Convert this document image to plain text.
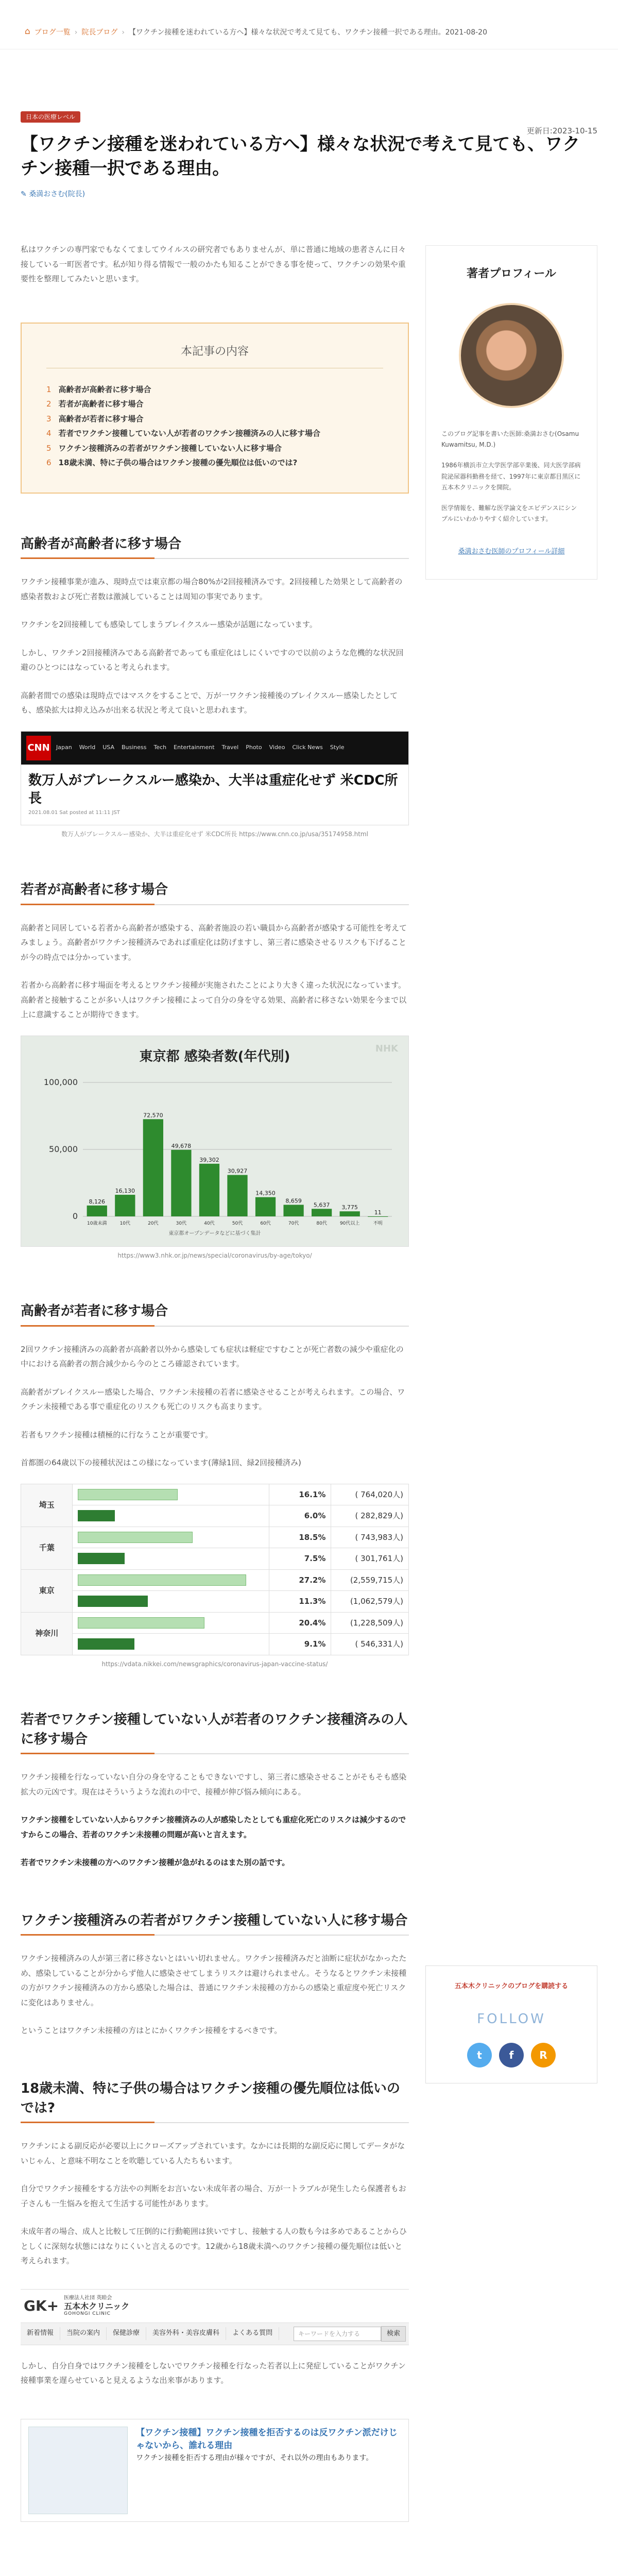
⌂ ブログ一覧 › 院長ブログ › 【ワクチン接種を迷われている方へ】様々な状況で考えて見ても、ワクチン接種一択である理由。2021-08-20
日本の医療レベル
【ワクチン接種を迷われている方へ】様々な状況で考えて見ても、ワクチン接種一択である理由。
✎ 桑満おさむ(院長)
更新日:2023-10-15

私はワクチンの専門家でもなくてましてウイルスの研究者でもありませんが、単に普通に地域の患者さんに日々接している一町医者です。私が知り得る情報で一般のかたも知ることができる事を使って、ワクチンの効果や重要性を整理してみたいと思います。

本記事の内容
1 高齢者が高齢者に移す場合
2 若者が高齢者に移す場合
3 高齢者が若者に移す場合
4 若者でワクチン接種していない人が若者のワクチン接種済みの人に移す場合
5 ワクチン接種済みの若者がワクチン接種していない人に移す場合
6 18歳未満、特に子供の場合はワクチン接種の優先順位は低いのでは?
高齢者が高齢者に移す場合

ワクチン接種事業が進み、現時点では東京都の場合80%が2回接種済みです。2回接種した効果として高齢者の感染者数および死亡者数は激減していることは周知の事実であります。

ワクチンを2回接種しても感染してしまうブレイクスルー感染が話題になっています。

しかし、ワクチン2回接種済みである高齢者であっても重症化はしにくいですので以前のような危機的な状況回避のひとつにはなっていると考えられます。

高齢者間での感染は現時点ではマスクをすることで、万が一ワクチン接種後のブレイクスルー感染したとしても、感染拡大は抑え込みが出来る状況と考えて良いと思われます。

CNN Japan World USA Business Tech Entertainment Travel Photo Video Click News Style
数万人がブレークスルー感染か、大半は重症化せず 米CDC所長
2021.08.01 Sat posted at 11:11 JST
数万人がブレークスルー感染か、大半は重症化せず 米CDC所長 https://www.cnn.co.jp/usa/35174958.html
若者が高齢者に移す場合

高齢者と同居している若者から高齢者が感染する、高齢者施設の若い職員から高齢者が感染する可能性を考えてみましょう。高齢者がワクチン接種済みであれば重症化は防げますし、第三者に感染させるリスクも下げることが今の時点では分かっています。

若者から高齢者に移す場面を考えるとワクチン接種が実施されたことにより大きく違った状況になっています。高齢者と接触することが多い人はワクチン接種によって自分の身を守る効果、高齢者に移さない効果を今まで以上に意識することが期待できます。

東京都 感染者数(年代別)
NHK
0
50,000
100,000
8,126
10歳未満
16,130
10代
72,570
20代
49,678
30代
39,302
40代
30,927
50代
14,350
60代
8,659
70代
5,637
80代
3,775
90代以上
11
不明
東京都オープンデータなどに基づく集計
https://www3.nhk.or.jp/news/special/coronavirus/by-age/tokyo/
高齢者が若者に移す場合

2回ワクチン接種済みの高齢者が高齢者以外から感染しても症状は軽症ですむことが死亡者数の減少や重症化の中における高齢者の割合減少から今のところ確認されています。

高齢者がブレイクスルー感染した場合、ワクチン未接種の若者に感染させることが考えられます。この場合、ワクチン未接種である事で重症化のリスクも死亡のリスクも高まります。

若者もワクチン接種は積極的に行なうことが重要です。

首都圏の64歳以下の接種状況はこの様になっています(薄緑1回、緑2回接種済み)

埼玉		16.1%	( 764,020人)

		6.0%	( 282,829人)
千葉		18.5%	( 743,983人)

		7.5%	( 301,761人)
東京		27.2%	(2,559,715人)

		11.3%	(1,062,579人)
神奈川		20.4%	(1,228,509人)

		9.1%	( 546,331人)
https://vdata.nikkei.com/newsgraphics/coronavirus-japan-vaccine-status/
若者でワクチン接種していない人が若者のワクチン接種済みの人に移す場合

ワクチン接種を行なっていない自分の身を守ることもできないですし、第三者に感染させることがそもそも感染拡大の元凶です。現在はそういうような流れの中で、接種が伸び悩み傾向にある。

ワクチン接種をしていない人からワクチン接種済みの人が感染したとしても重症化死亡のリスクは減少するのですからこの場合、若者のワクチン未接種の問題が高いと言えます。

若者でワクチン未接種の方へのワクチン接種が急がれるのはまた別の話です。

ワクチン接種済みの若者がワクチン接種していない人に移す場合

ワクチン接種済みの人が第三者に移さないとはいい切れません。ワクチン接種済みだと油断に症状がなかったため、感染していることが分からず他人に感染させてしまうリスクは避けられません。そうなるとワクチン未接種の方がワクチン接種済みの方から感染した場合は、普通にワクチン未接種の方からの感染と重症度や死亡リスクに変化はありません。

ということはワクチン未接種の方はとにかくワクチン接種をするべきです。

18歳未満、特に子供の場合はワクチン接種の優先順位は低いのでは?

ワクチンによる副反応が必要以上にクローズアップされています。なかには長期的な副反応に関してデータがないじゃん、と意味不明なことを吹聴している人たちもいます。

自分でワクチン接種をする方法やの判断をお言いない未成年者の場合、万が一トラブルが発生したら保護者もお子さんも一生悩みを抱えて生活する可能性があります。

未成年者の場合、成人と比較して圧倒的に行動範囲は狭いですし、接触する人の数も今は多めであることからひとしくに深刻な状態にはなりにくいと言えるのです。12歳から18歳未満へのワクチン接種の優先順位は低いと考えられます。

GK+ 医療法人社団 英睦会
五本木クリニック
GOHONGI CLINIC
新着情報	当院の案内	保健診療	美容外科・美容皮膚科	よくある質問	キーワードを入力する	検索

しかし、自分自身ではワクチン接種をしないでワクチン接種を行なった若者以上に発症していることがワクチン接種事業を遅らせていると見えるような出来事があります。

【ワクチン接種】ワクチン接種を拒否するのは反ワクチン派だけじゃないから、誰れる理由
ワクチン接種を拒否する理由が様々ですが、それ以外の理由もあります。
著者プロフィール

このブログ記事を書いた医師:桑満おさむ(Osamu Kuwamitsu, M.D.)

1986年横浜市立大学医学部卒業後、同大医学部病院泌尿器科勤務を経て、1997年に東京都目黒区に五本木クリニックを開院。

医学情報を、難解な医学論文をエビデンスにシンプルにいわかりやすく紹介しています。

桑満おさむ医師のプロフィール詳細
五本木クリニックのブログを購読する
FOLLOW
t	f	R
